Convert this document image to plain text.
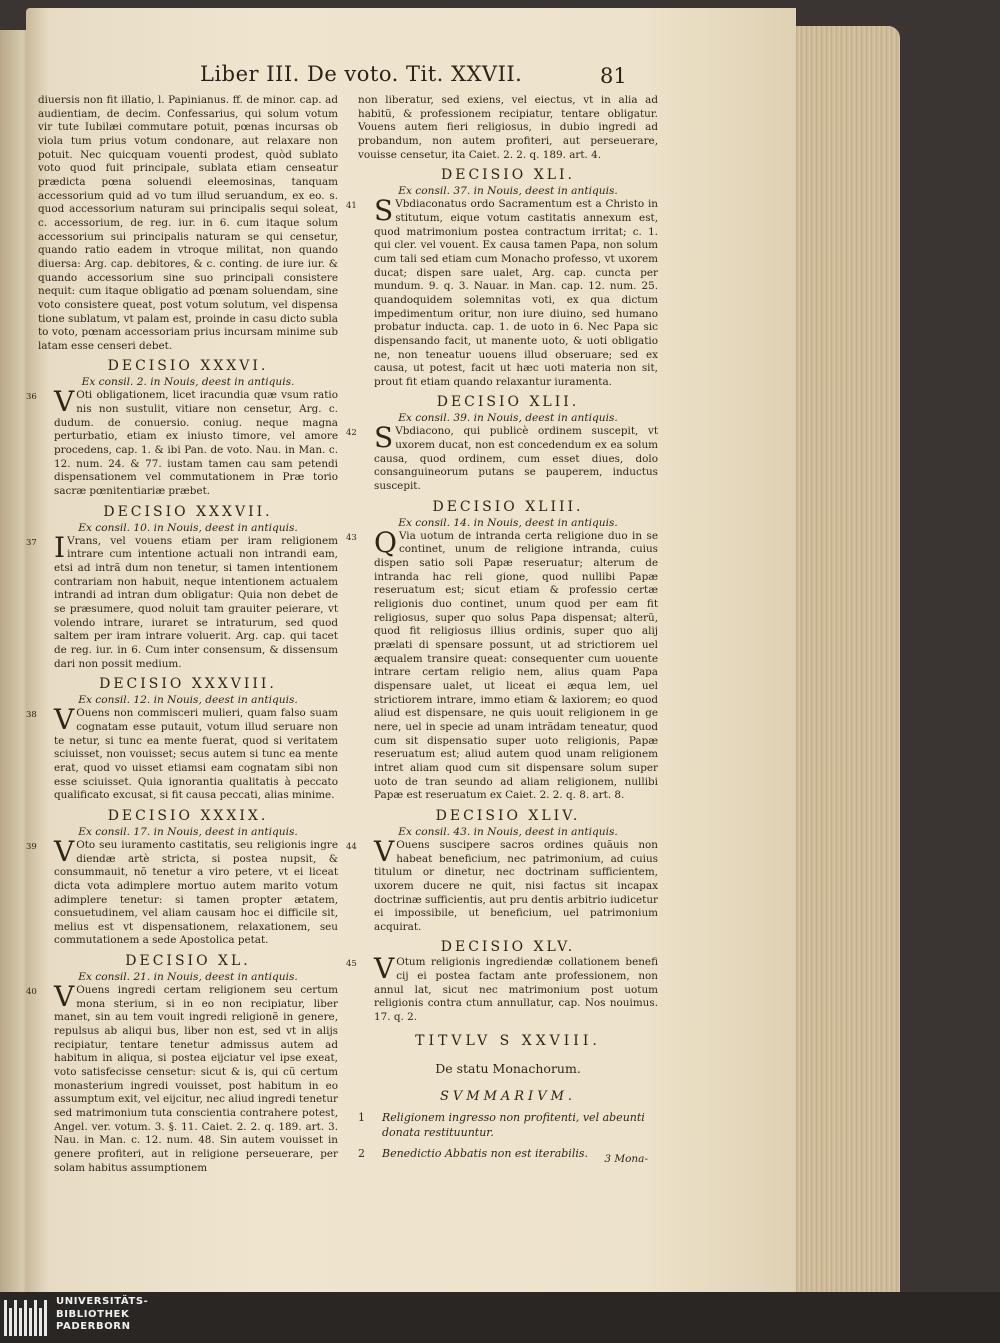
Liber III. De voto. Tit. XXVII.	81

diuersis non fit illatio, l. Papinianus. ff. de minor. cap. ad audientiam, de decim. Confessarius, qui solum votum vir tute Iubilæi commutare potuit, pœnas incursas ob viola tum prius votum condonare, aut relaxare non potuit. Nec quicquam vouenti prodest, quòd sublato voto quod fuit principale, sublata etiam censeatur prædicta pœna soluendi eleemosinas, tanquam accessorium quid ad vo tum illud seruandum, ex eo. s. quod accessorium naturam sui principalis sequi soleat, c. accessorium, de reg. iur. in 6. cum itaque solum accessorium sui principalis naturam se qui censetur, quando ratio eadem in vtroque militat, non quando diuersa: Arg. cap. debitores, & c. conting. de iure iur. & quando accessorium sine suo principali consistere nequit: cum itaque obligatio ad pœnam soluendam, sine voto consistere queat, post votum solutum, vel dispensa tione sublatum, vt palam est, proinde in casu dicto subla to voto, pœnam accessoriam prius incursam minime sub latam esse censeri debet.

DECISIO XXXVI.
Ex consil. 2. in Nouis, deest in antiquis.

36 V Oti obligationem, licet iracundia quæ vsum ratio nis non sustulit, vitiare non censetur, Arg. c. dudum. de conuersio. coniug. neque magna perturbatio, etiam ex iniusto timore, vel amore procedens, cap. 1. & ibi Pan. de voto. Nau. in Man. c. 12. num. 24. & 77. iustam tamen cau sam petendi dispensationem vel commutationem in Præ torio sacræ pœnitentiariæ præbet.

DECISIO XXXVII.
Ex consil. 10. in Nouis, deest in antiquis.

37 I Vrans, vel vouens etiam per iram religionem intrare cum intentione actuali non intrandi eam, etsi ad intrã dum non tenetur, si tamen intentionem contrariam non habuit, neque intentionem actualem intrandi ad intran dum obligatur: Quia non debet de se præsumere, quod noluit tam grauiter peierare, vt volendo intrare, iuraret se intraturum, sed quod saltem per iram intrare voluerit. Arg. cap. qui tacet de reg. iur. in 6. Cum inter consensum, & dissensum dari non possit medium.

DECISIO XXXVIII.
Ex consil. 12. in Nouis, deest in antiquis.

38 V Ouens non commisceri mulieri, quam falso suam cognatam esse putauit, votum illud seruare non te netur, si tunc ea mente fuerat, quod si veritatem sciuisset, non vouisset; secus autem si tunc ea mente erat, quod vo uisset etiamsi eam cognatam sibi non esse sciuisset. Quia ignorantia qualitatis à peccato qualificato excusat, si fit causa peccati, alias minime.

DECISIO XXXIX.
Ex consil. 17. in Nouis, deest in antiquis.

39 V Oto seu iuramento castitatis, seu religionis ingre diendæ artè stricta, si postea nupsit, & consummauit, nõ tenetur a viro petere, vt ei liceat dicta vota adimplere mortuo autem marito votum adimplere tenetur: si tamen propter ætatem, consuetudinem, vel aliam causam hoc ei difficile sit, melius est vt dispensationem, relaxationem, seu commutationem a sede Apostolica petat.

DECISIO XL.
Ex consil. 21. in Nouis, deest in antiquis.

40 V Ouens ingredi certam religionem seu certum mona sterium, si in eo non recipiatur, liber manet, sin au tem vouit ingredi religionẽ in genere, repulsus ab aliqui bus, liber non est, sed vt in alijs recipiatur, tentare tenetur admissus autem ad habitum in aliqua, si postea eijciatur vel ipse exeat, voto satisfecisse censetur: sicut & is, qui cũ certum monasterium ingredi vouisset, post habitum in eo assumptum exit, vel eijcitur, nec aliud ingredi tenetur sed matrimonium tuta conscientia contrahere potest, Angel. ver. votum. 3. §. 11. Caiet. 2. 2. q. 189. art. 3. Nau. in Man. c. 12. num. 48. Sin autem vouisset in genere profiteri, aut in religione perseuerare, per solam habitus assumptionem

non liberatur, sed exiens, vel eiectus, vt in alia ad habitũ, & professionem recipiatur, tentare obligatur. Vouens autem fieri religiosus, in dubio ingredi ad probandum, non autem profiteri, aut perseuerare, vouisse censetur, ita Caiet. 2. 2. q. 189. art. 4.

DECISIO XLI.
Ex consil. 37. in Nouis, deest in antiquis.

41 S Vbdiaconatus ordo Sacramentum est a Christo in stitutum, eique votum castitatis annexum est, quod matrimonium postea contractum irritat; c. 1. qui cler. vel vouent. Ex causa tamen Papa, non solum cum tali sed etiam cum Monacho professo, vt uxorem ducat; dispen sare ualet, Arg. cap. cuncta per mundum. 9. q. 3. Nauar. in Man. cap. 12. num. 25. quandoquidem solemnitas voti, ex qua dictum impedimentum oritur, non iure diuino, sed humano probatur inducta. cap. 1. de uoto in 6. Nec Papa sic dispensando facit, ut manente uoto, & uoti obligatio ne, non teneatur uouens illud obseruare; sed ex causa, ut potest, facit ut hæc uoti materia non sit, prout fit etiam quando relaxantur iuramenta.

DECISIO XLII.
Ex consil. 39. in Nouis, deest in antiquis.

42 S Vbdiacono, qui publicè ordinem suscepit, vt uxorem ducat, non est concedendum ex ea solum causa, quod ordinem, cum esset diues, dolo consanguineorum putans se pauperem, inductus suscepit.

DECISIO XLIII.
Ex consil. 14. in Nouis, deest in antiquis.

43 Q Via uotum de intranda certa religione duo in se continet, unum de religione intranda, cuius dispen satio soli Papæ reseruatur; alterum de intranda hac reli gione, quod nullibi Papæ reseruatum est; sicut etiam & professio certæ religionis duo continet, unum quod per eam fit religiosus, super quo solus Papa dispensat; alterũ, quod fit religiosus illius ordinis, super quo alij prælati di spensare possunt, ut ad strictiorem uel æqualem transire queat: consequenter cum uouente intrare certam religio nem, alius quam Papa dispensare ualet, ut liceat ei æqua lem, uel strictiorem intrare, immo etiam & laxiorem; eo quod aliud est dispensare, ne quis uouit religionem in ge nere, uel in specie ad unam intrãdam teneatur, quod cum sit dispensatio super uoto religionis, Papæ reseruatum est; aliud autem quod unam religionem intret aliam quod cum sit dispensare solum super uoto de tran seundo ad aliam religionem, nullibi Papæ est reseruatum ex Caiet. 2. 2. q. 8. art. 8.

DECISIO XLIV.
Ex consil. 43. in Nouis, deest in antiquis.

44 V Ouens suscipere sacros ordines quãuis non habeat beneficium, nec patrimonium, ad cuius titulum or dinetur, nec doctrinam sufficientem, uxorem ducere ne quit, nisi factus sit incapax doctrinæ sufficientis, aut pru dentis arbitrio iudicetur ei impossibile, ut beneficium, uel patrimonium acquirat.

DECISIO XLV.

45 V Otum religionis ingrediendæ collationem benefi cij ei postea factam ante professionem, non annul lat, sicut nec matrimonium post uotum religionis contra ctum annullatur, cap. Nos nouimus. 17. q. 2.

TITVLV S XXVIII.
De statu Monachorum.
SVMMARIVM.
1 Religionem ingresso non profitenti, vel abeunti donata restituuntur.
2 Benedictio Abbatis non est iterabilis.	3 Mona-
UNIVERSITÄTS-
BIBLIOTHEK
PADERBORN
